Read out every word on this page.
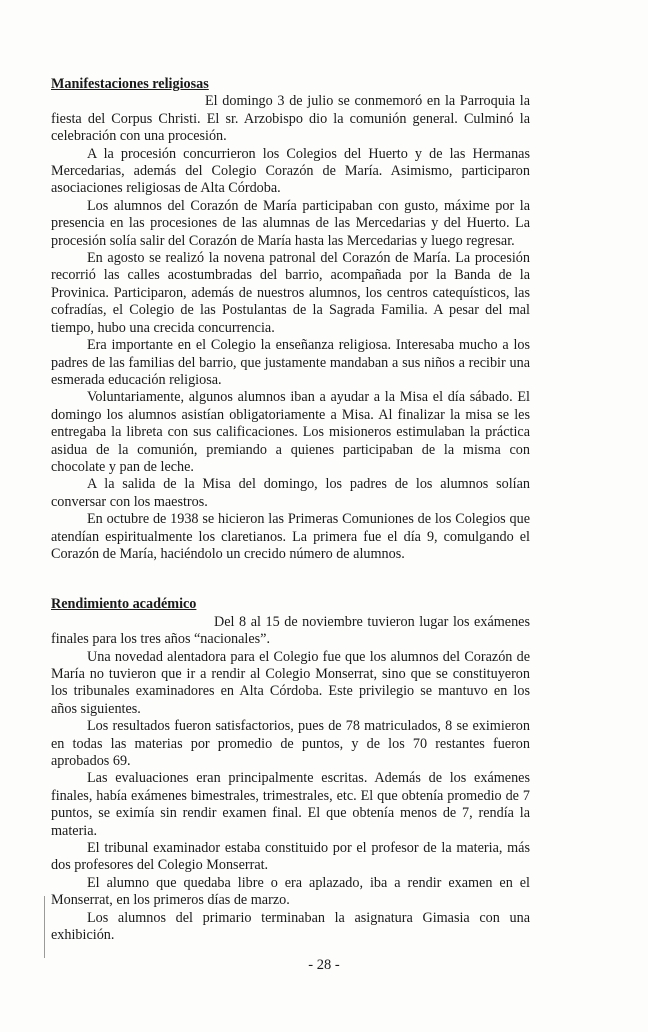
Manifestaciones religiosas

El domingo 3 de julio se conmemoró en la Parroquia la fiesta del Corpus Christi. El sr. Arzobispo dio la comunión general. Culminó la celebración con una procesión.

A la procesión concurrieron los Colegios del Huerto y de las Hermanas Mercedarias, además del Colegio Corazón de María. Asimismo, participaron asociaciones religiosas de Alta Córdoba.

Los alumnos del Corazón de María participaban con gusto, máxime por la presencia en las procesiones de las alumnas de las Mercedarias y del Huerto. La procesión solía salir del Corazón de María hasta las Mercedarias y luego regresar.

En agosto se realizó la novena patronal del Corazón de María. La procesión recorrió las calles acostumbradas del barrio, acompañada por la Banda de la Provinica. Participaron, además de nuestros alumnos, los centros catequísticos, las cofradías, el Colegio de las Postulantas de la Sagrada Familia. A pesar del mal tiempo, hubo una crecida concurrencia.

Era importante en el Colegio la enseñanza religiosa. Interesaba mucho a los padres de las familias del barrio, que justamente mandaban a sus niños a recibir una esmerada educación religiosa.

Voluntariamente, algunos alumnos iban a ayudar a la Misa el día sábado. El domingo los alumnos asistían obligatoriamente a Misa. Al finalizar la misa se les entregaba la libreta con sus calificaciones. Los misioneros estimulaban la práctica asidua de la comunión, premiando a quienes participaban de la misma con chocolate y pan de leche.

A la salida de la Misa del domingo, los padres de los alumnos solían conversar con los maestros.

En octubre de 1938 se hicieron las Primeras Comuniones de los Colegios que atendían espiritualmente los claretianos. La primera fue el día 9, comulgando el Corazón de María, haciéndolo un crecido número de alumnos.

Rendimiento académico

Del 8 al 15 de noviembre tuvieron lugar los exámenes finales para los tres años “nacionales”.

Una novedad alentadora para el Colegio fue que los alumnos del Corazón de María no tuvieron que ir a rendir al Colegio Monserrat, sino que se constituyeron los tribunales examinadores en Alta Córdoba. Este privilegio se mantuvo en los años siguientes.

Los resultados fueron satisfactorios, pues de 78 matriculados, 8 se eximieron en todas las materias por promedio de puntos, y de los 70 restantes fueron aprobados 69.

Las evaluaciones eran principalmente escritas. Además de los exámenes finales, había exámenes bimestrales, trimestrales, etc. El que obtenía promedio de 7 puntos, se eximía sin rendir examen final. El que obtenía menos de 7, rendía la materia.

El tribunal examinador estaba constituido por el profesor de la materia, más dos profesores del Colegio Monserrat.

El alumno que quedaba libre o era aplazado, iba a rendir examen en el Monserrat, en los primeros días de marzo.

Los alumnos del primario terminaban la asignatura Gimasia con una exhibición.

- 28 -
